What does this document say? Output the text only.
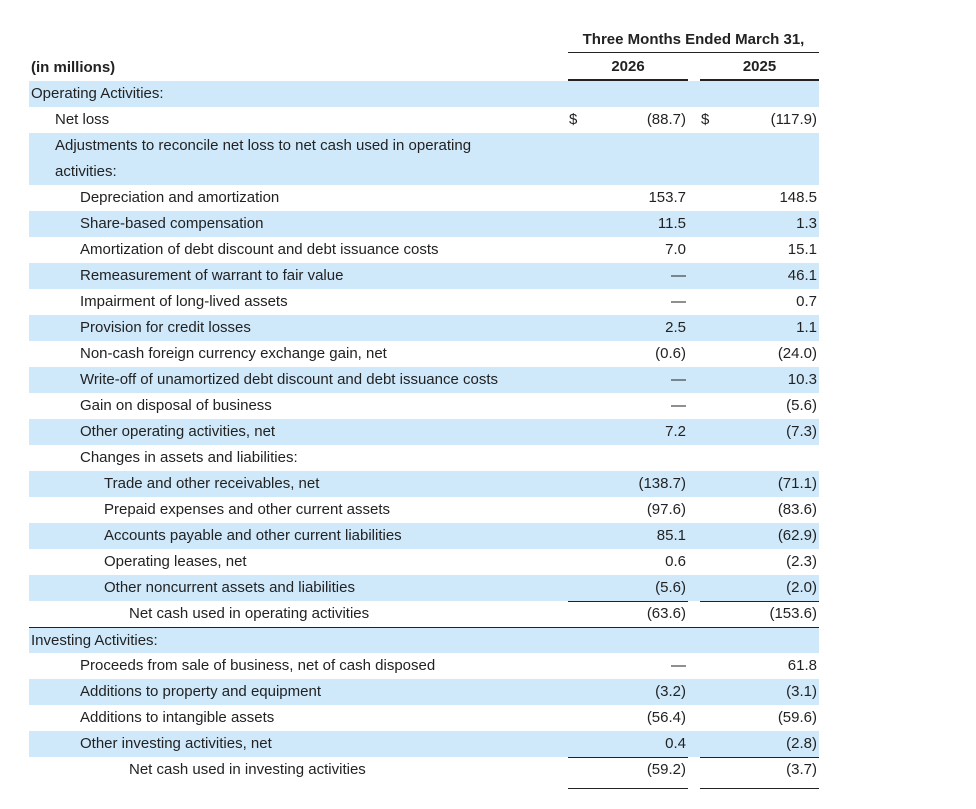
Three Months Ended March 31,
(in millions)	2026	2025
Operating Activities:
Net loss	$	(88.7) $	(117.9)
Adjustments to reconcile net loss to net cash used in operating activities:
Depreciation and amortization	153.7	148.5
Share-based compensation	11.5	1.3
Amortization of debt discount and debt issuance costs	7.0	15.1
Remeasurement of warrant to fair value	—	46.1
Impairment of long-lived assets	—	0.7
Provision for credit losses	2.5	1.1
Non-cash foreign currency exchange gain, net	(0.6)	(24.0)
Write-off of unamortized debt discount and debt issuance costs	—	10.3
Gain on disposal of business	—	(5.6)
Other operating activities, net	7.2	(7.3)
Changes in assets and liabilities:
Trade and other receivables, net	(138.7)	(71.1)
Prepaid expenses and other current assets	(97.6)	(83.6)
Accounts payable and other current liabilities	85.1	(62.9)
Operating leases, net	0.6	(2.3)
Other noncurrent assets and liabilities	(5.6)	(2.0)
Net cash used in operating activities	(63.6)	(153.6)
Investing Activities:
Proceeds from sale of business, net of cash disposed	—	61.8
Additions to property and equipment	(3.2)	(3.1)
Additions to intangible assets	(56.4)	(59.6)
Other investing activities, net	0.4	(2.8)
Net cash used in investing activities	(59.2)	(3.7)
